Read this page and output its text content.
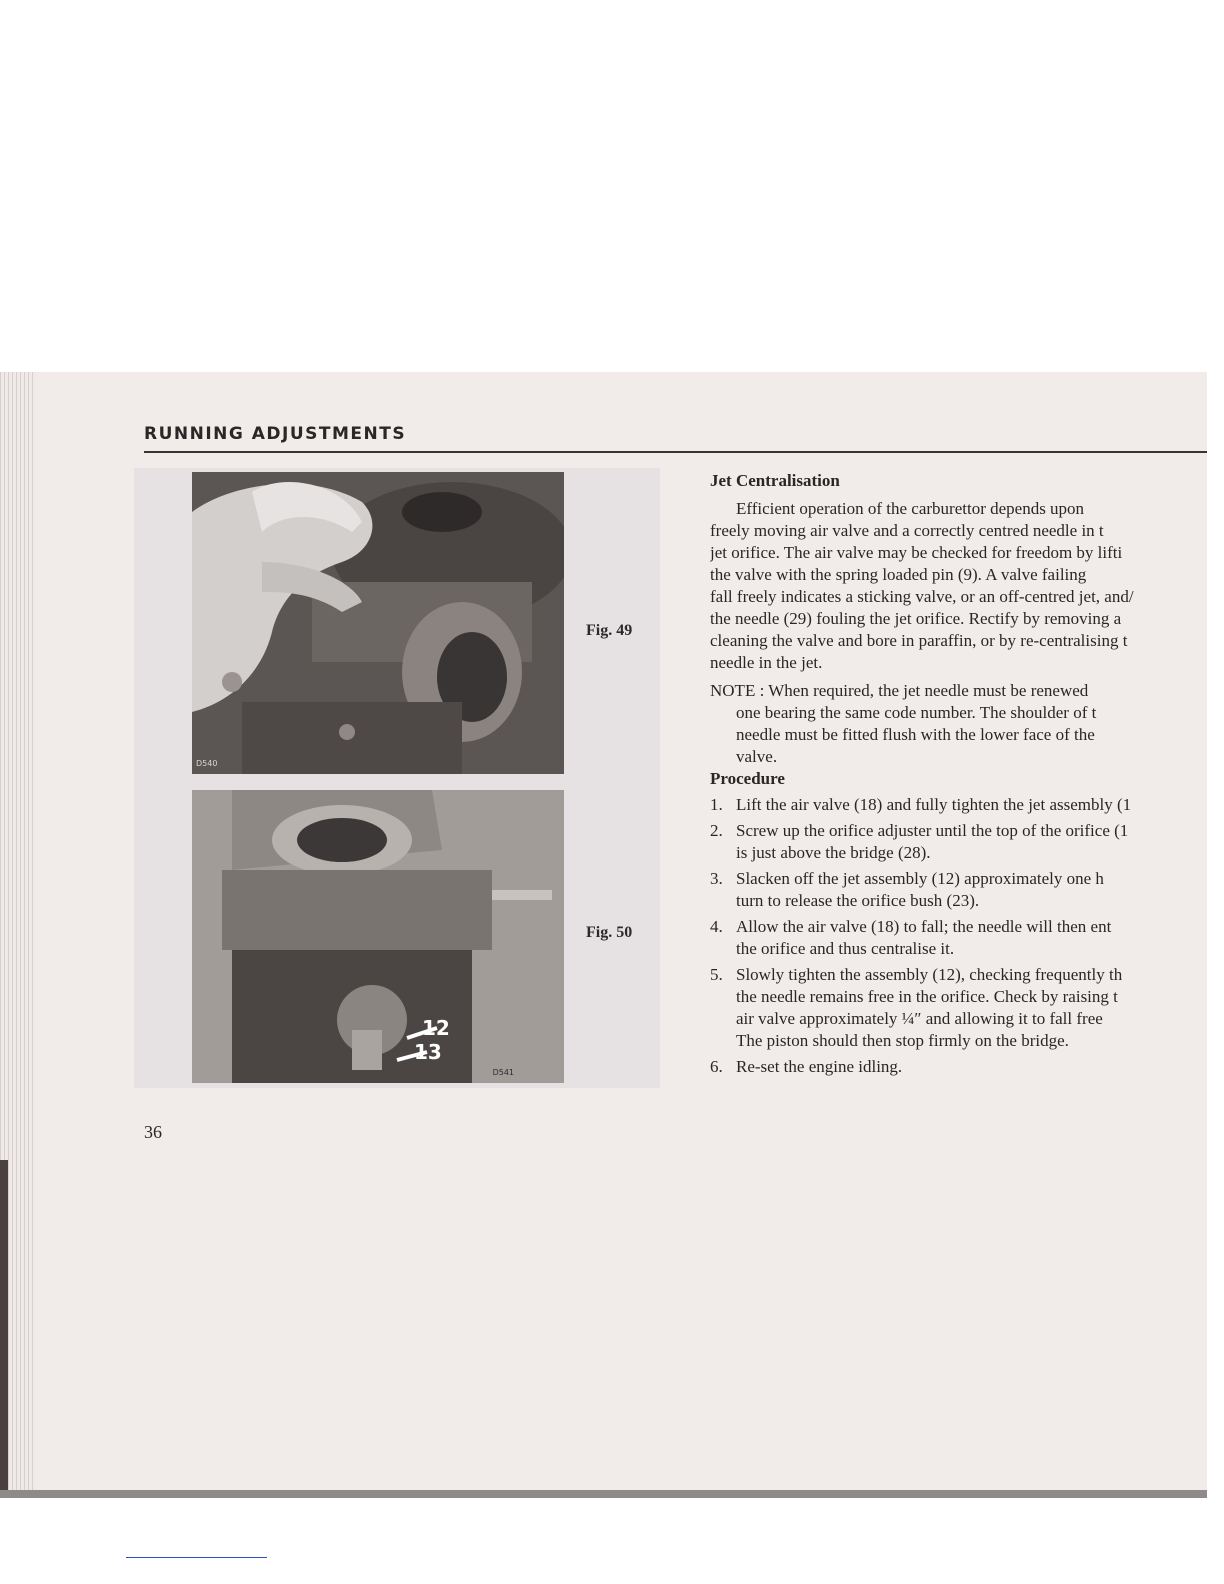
RUNNING ADJUSTMENTS
D540
Fig. 49
12
13
D541
Fig. 50

Jet Centralisation

Efficient operation of the carburettor depends upon
freely moving air valve and a correctly centred needle in t
jet orifice. The air valve may be checked for freedom by lifti
the valve with the spring loaded pin (9). A valve failing
fall freely indicates a sticking valve, or an off-centred jet, and/
the needle (29) fouling the jet orifice. Rectify by removing a
cleaning the valve and bore in paraffin, or by re-centralising t
needle in the jet.
NOTE : When required, the jet needle must be renewed
one bearing the same code number. The shoulder of t
needle must be fitted flush with the lower face of the
valve.

Procedure

1. Lift the air valve (18) and fully tighten the jet assembly (1
2. Screw up the orifice adjuster until the top of the orifice (1
is just above the bridge (28).
3. Slacken off the jet assembly (12) approximately one h
turn to release the orifice bush (23).
4. Allow the air valve (18) to fall; the needle will then ent
the orifice and thus centralise it.
5. Slowly tighten the assembly (12), checking frequently th
the needle remains free in the orifice. Check by raising t
air valve approximately ¼″ and allowing it to fall free
The piston should then stop firmly on the bridge.
6. Re-set the engine idling.
36
